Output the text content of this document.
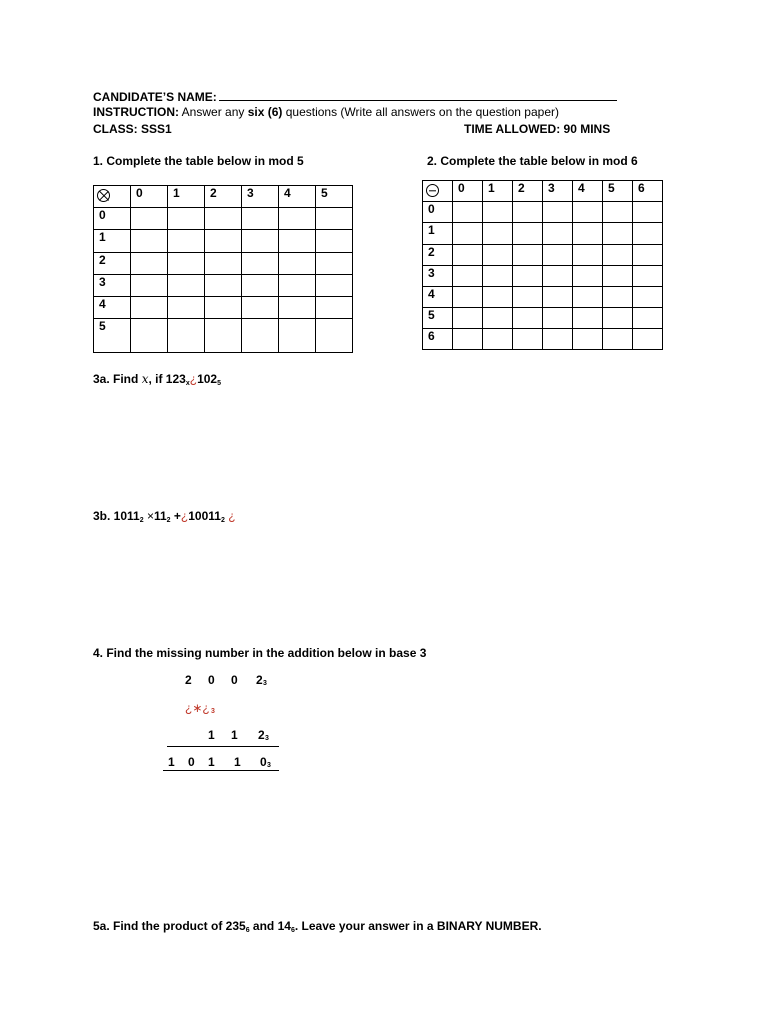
CANDIDATE’S NAME:
INSTRUCTION: Answer any six (6) questions (Write all answers on the question paper)
CLASS: SSS1	TIME ALLOWED: 90 MINS
1. Complete the table below in mod 5
	0	1	2	3	4	5
0						
1						
2						
3						
4						
5						
2. Complete the table below in mod 6
	0	1	2	3	4	5	6
0							
1							
2							
3							
4							
5							
6							
3a. Find x, if $123_x¿102_5$
3b. $1011_2 \times 11_2$ $+¿10011_2$ ¿
4. Find the missing number in the addition below in base 3
2 0 0 2 3
¿∗¿ 3
1 1 2 3
1 0 1 1 0 3
5a. Find the product of $235_6$ and $14_6$. Leave your answer in a BINARY NUMBER.
